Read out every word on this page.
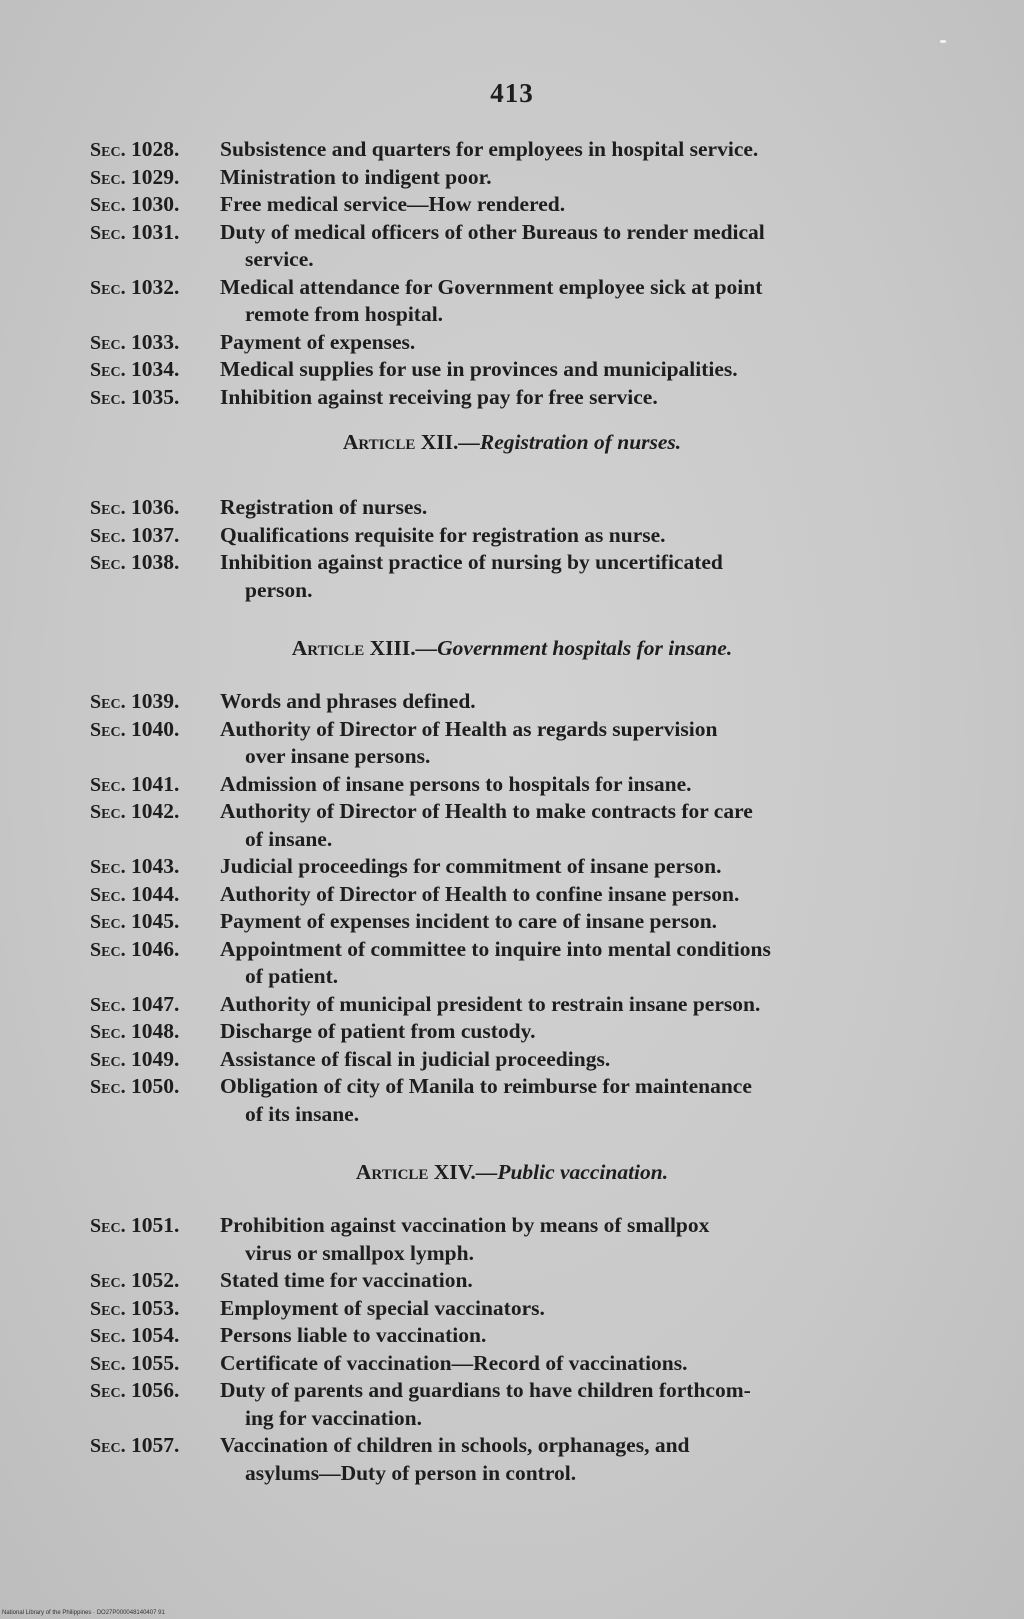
413
Sec. 1028.	Subsistence and quarters for employees in hospital service.
Sec. 1029.	Ministration to indigent poor.
Sec. 1030.	Free medical service—How rendered.
Sec. 1031.	Duty of medical officers of other Bureaus to render medical
service.
Sec. 1032.	Medical attendance for Government employee sick at point
remote from hospital.
Sec. 1033.	Payment of expenses.
Sec. 1034.	Medical supplies for use in provinces and municipalities.
Sec. 1035.	Inhibition against receiving pay for free service.
Article XII.—Registration of nurses.
Sec. 1036.	Registration of nurses.
Sec. 1037.	Qualifications requisite for registration as nurse.
Sec. 1038.	Inhibition against practice of nursing by uncertificated
person.
Article XIII.—Government hospitals for insane.
Sec. 1039.	Words and phrases defined.
Sec. 1040.	Authority of Director of Health as regards supervision
over insane persons.
Sec. 1041.	Admission of insane persons to hospitals for insane.
Sec. 1042.	Authority of Director of Health to make contracts for care
of insane.
Sec. 1043.	Judicial proceedings for commitment of insane person.
Sec. 1044.	Authority of Director of Health to confine insane person.
Sec. 1045.	Payment of expenses incident to care of insane person.
Sec. 1046.	Appointment of committee to inquire into mental conditions
of patient.
Sec. 1047.	Authority of municipal president to restrain insane person.
Sec. 1048.	Discharge of patient from custody.
Sec. 1049.	Assistance of fiscal in judicial proceedings.
Sec. 1050.	Obligation of city of Manila to reimburse for maintenance
of its insane.
Article XIV.—Public vaccination.
Sec. 1051.	Prohibition against vaccination by means of smallpox
virus or smallpox lymph.
Sec. 1052.	Stated time for vaccination.
Sec. 1053.	Employment of special vaccinators.
Sec. 1054.	Persons liable to vaccination.
Sec. 1055.	Certificate of vaccination—Record of vaccinations.
Sec. 1056.	Duty of parents and guardians to have children forthcom-
ing for vaccination.
Sec. 1057.	Vaccination of children in schools, orphanages, and
asylums—Duty of person in control.
National Library of the Philippines · DO27P000048140407 91
